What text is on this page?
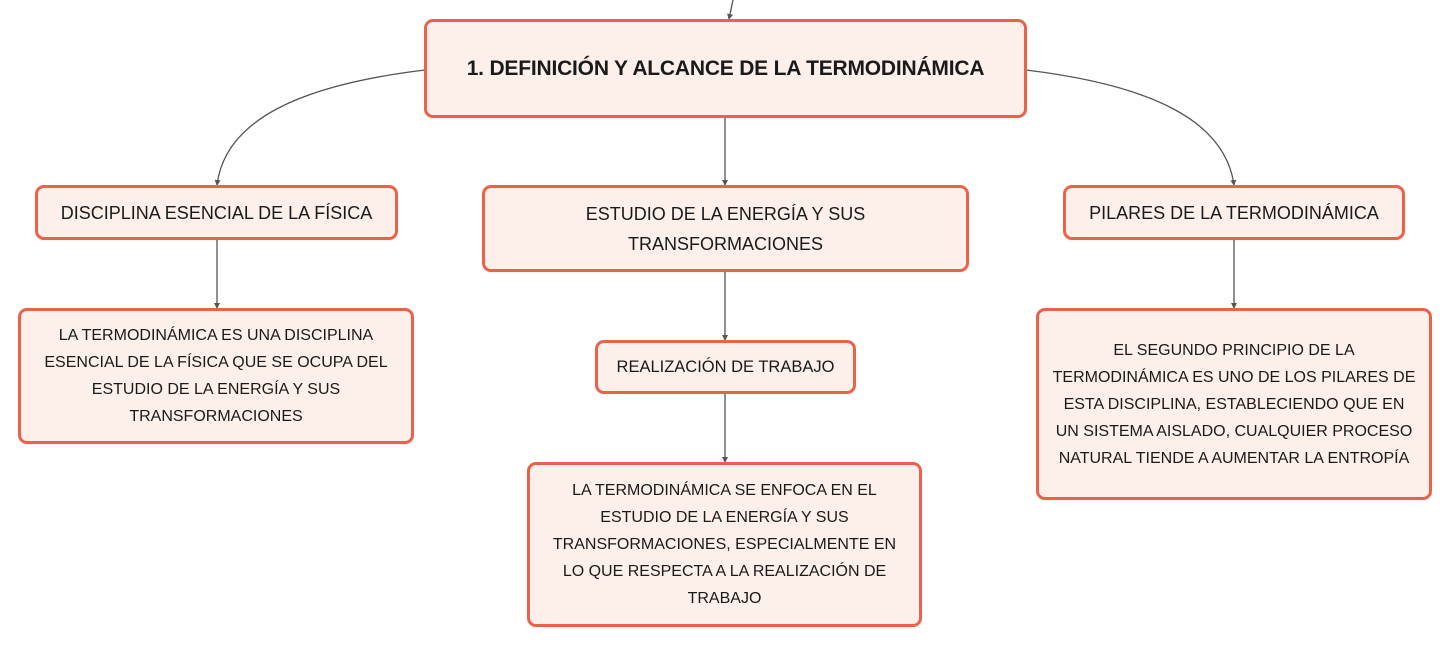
1. DEFINICIÓN Y ALCANCE DE LA TERMODINÁMICA
DISCIPLINA ESENCIAL DE LA FÍSICA	ESTUDIO DE LA ENERGÍA Y SUS TRANSFORMACIONES
PILARES DE LA TERMODINÁMICA
LA TERMODINÁMICA ES UNA DISCIPLINA ESENCIAL DE LA FÍSICA QUE SE OCUPA DEL ESTUDIO DE LA ENERGÍA Y SUS TRANSFORMACIONES
REALIZACIÓN DE TRABAJO
LA TERMODINÁMICA SE ENFOCA EN EL ESTUDIO DE LA ENERGÍA Y SUS TRANSFORMACIONES, ESPECIALMENTE EN LO QUE RESPECTA A LA REALIZACIÓN DE TRABAJO
EL SEGUNDO PRINCIPIO DE LA TERMODINÁMICA ES UNO DE LOS PILARES DE ESTA DISCIPLINA, ESTABLECIENDO QUE EN UN SISTEMA AISLADO, CUALQUIER PROCESO NATURAL TIENDE A AUMENTAR LA ENTROPÍA
